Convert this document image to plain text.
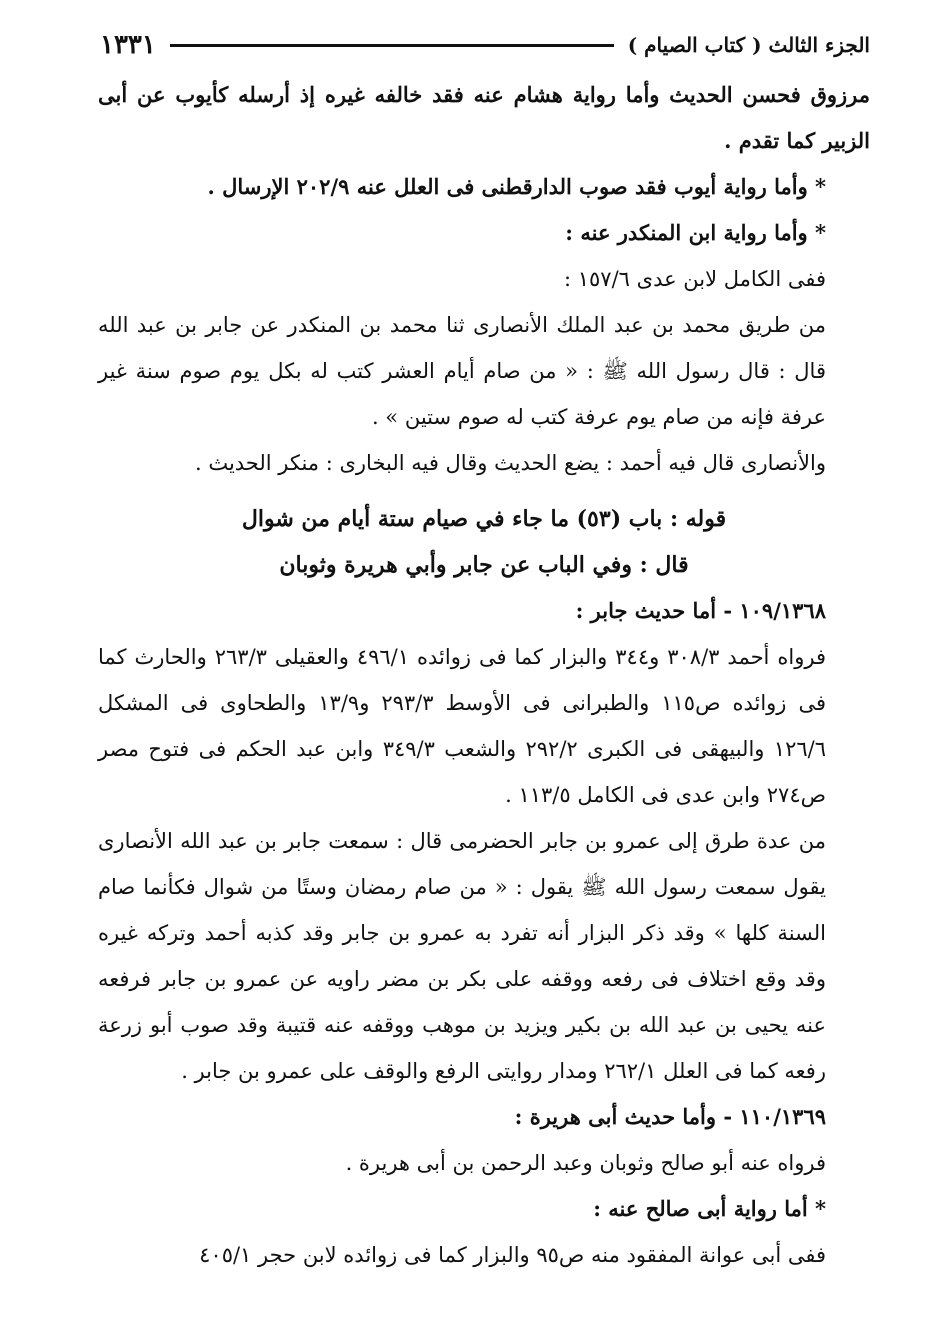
الجزء الثالث ( كتاب الصيام )
١٣٣١

مرزوق فحسن الحديث وأما رواية هشام عنه فقد خالفه غيره إذ أرسله كأيوب عن أبى الزبير كما تقدم .

* وأما رواية أيوب فقد صوب الدارقطنى فى العلل عنه ٢٠٢/٩ الإرسال .

* وأما رواية ابن المنكدر عنه :

ففى الكامل لابن عدى ١٥٧/٦ :

من طريق محمد بن عبد الملك الأنصارى ثنا محمد بن المنكدر عن جابر بن عبد الله قال : قال رسول الله ﷺ : « من صام أيام العشر كتب له بكل يوم صوم سنة غير عرفة فإنه من صام يوم عرفة كتب له صوم ستين » .

والأنصارى قال فيه أحمد : يضع الحديث وقال فيه البخارى : منكر الحديث .

قوله : باب (٥٣) ما جاء في صيام ستة أيام من شوال

قال : وفي الباب عن جابر وأبي هريرة وثوبان

١٠٩/١٣٦٨ - أما حديث جابر :

فرواه أحمد ٣٠٨/٣ و٣٤٤ والبزار كما فى زوائده ٤٩٦/١ والعقيلى ٢٦٣/٣ والحارث كما فى زوائده ص١١٥ والطبرانى فى الأوسط ٢٩٣/٣ و١٣/٩ والطحاوى فى المشكل ١٢٦/٦ والبيهقى فى الكبرى ٢٩٢/٢ والشعب ٣٤٩/٣ وابن عبد الحكم فى فتوح مصر ص٢٧٤ وابن عدى فى الكامل ١١٣/٥ .

من عدة طرق إلى عمرو بن جابر الحضرمى قال : سمعت جابر بن عبد الله الأنصارى يقول سمعت رسول الله ﷺ يقول : « من صام رمضان وستًا من شوال فكأنما صام السنة كلها » وقد ذكر البزار أنه تفرد به عمرو بن جابر وقد كذبه أحمد وتركه غيره وقد وقع اختلاف فى رفعه ووقفه على بكر بن مضر راويه عن عمرو بن جابر فرفعه عنه يحيى بن عبد الله بن بكير ويزيد بن موهب ووقفه عنه قتيبة وقد صوب أبو زرعة رفعه كما فى العلل ٢٦٢/١ ومدار روايتى الرفع والوقف على عمرو بن جابر .

١١٠/١٣٦٩ - وأما حديث أبى هريرة :

فرواه عنه أبو صالح وثوبان وعبد الرحمن بن أبى هريرة .

* أما رواية أبى صالح عنه :

ففى أبى عوانة المفقود منه ص٩٥ والبزار كما فى زوائده لابن حجر ٤٠٥/١
